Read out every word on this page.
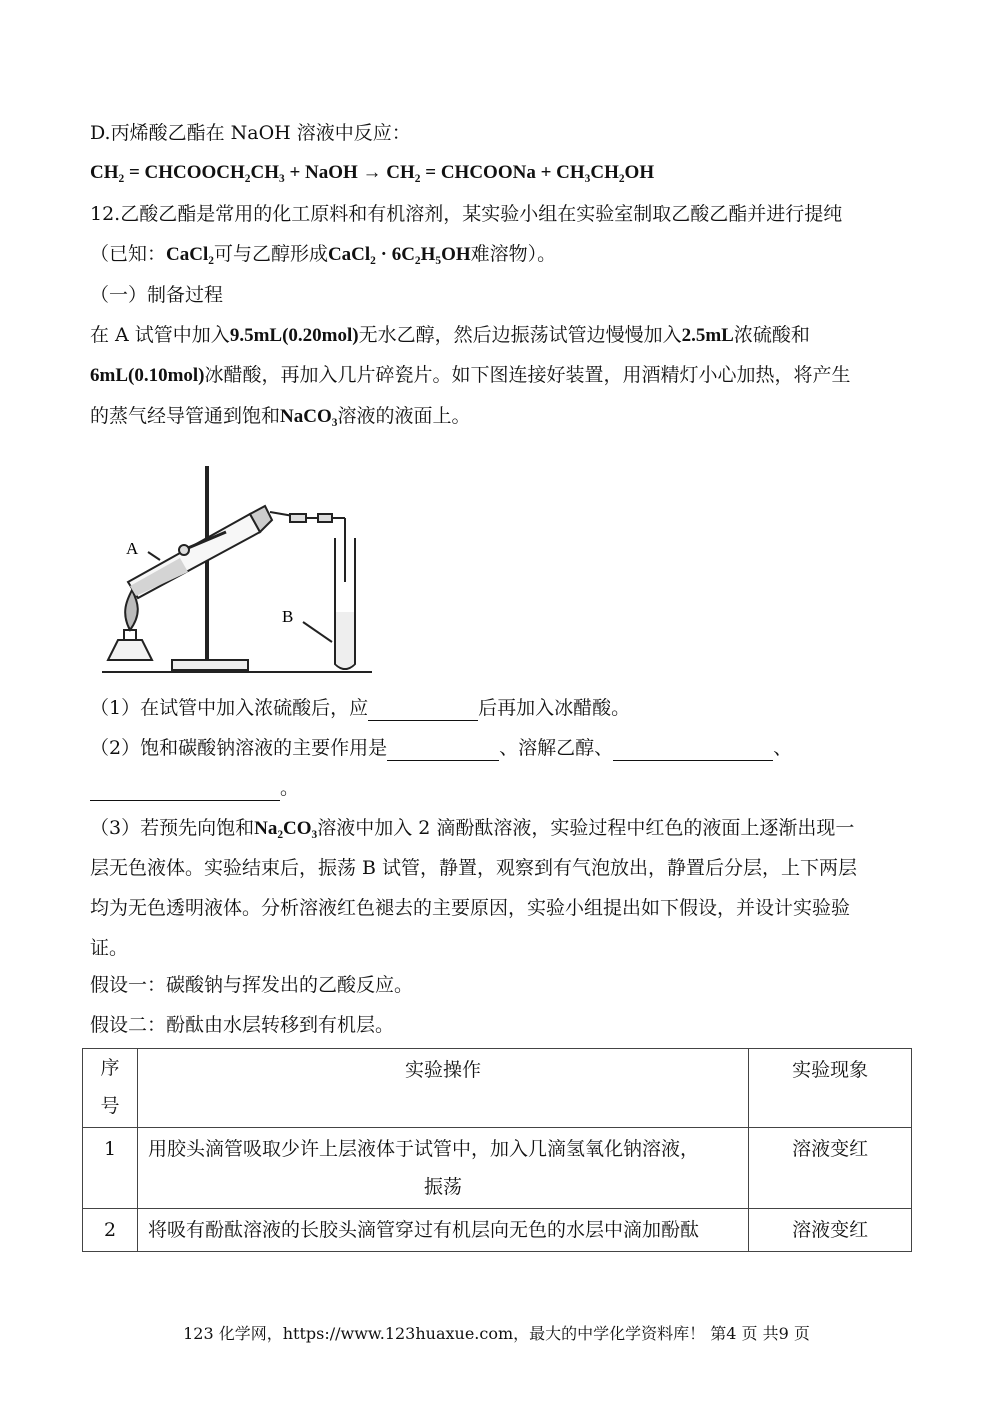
D.丙烯酸乙酯在 NaOH 溶液中反应：
CH₂ = CHCOOCH₂CH₃ + NaOH → CH₂ = CHCOONa + CH₃CH₂OH
12.乙酸乙酯是常用的化工原料和有机溶剂，某实验小组在实验室制取乙酸乙酯并进行提纯
（已知：CaCl₂可与乙醇形成CaCl₂ · 6C₂H₅OH难溶物）。
（一）制备过程
在 A 试管中加入9.5mL(0.20mol)无水乙醇，然后边振荡试管边慢慢加入2.5mL浓硫酸和
6mL(0.10mol)冰醋酸，再加入几片碎瓷片。如下图连接好装置，用酒精灯小心加热，将产生
的蒸气经导管通到饱和NaCO₃溶液的液面上。
A
B
（1）在试管中加入浓硫酸后，应	后再加入冰醋酸。
（2）饱和碳酸钠溶液的主要作用是	、溶解乙醇、	、
。
（3）若预先向饱和Na₂CO₃溶液中加入 2 滴酚酞溶液，实验过程中红色的液面上逐渐出现一
层无色液体。实验结束后，振荡 B 试管，静置，观察到有气泡放出，静置后分层，上下两层
均为无色透明液体。分析溶液红色褪去的主要原因，实验小组提出如下假设，并设计实验验
证。
假设一：碳酸钠与挥发出的乙酸反应。
假设二：酚酞由水层转移到有机层。
序号	实验操作	实验现象
1	用胶头滴管吸取少许上层液体于试管中，加入几滴氢氧化钠溶液，
振荡	溶液变红
2	将吸有酚酞溶液的长胶头滴管穿过有机层向无色的水层中滴加酚酞	溶液变红
123 化学网，https://www.123huaxue.com，最大的中学化学资料库！ 第4 页 共9 页
